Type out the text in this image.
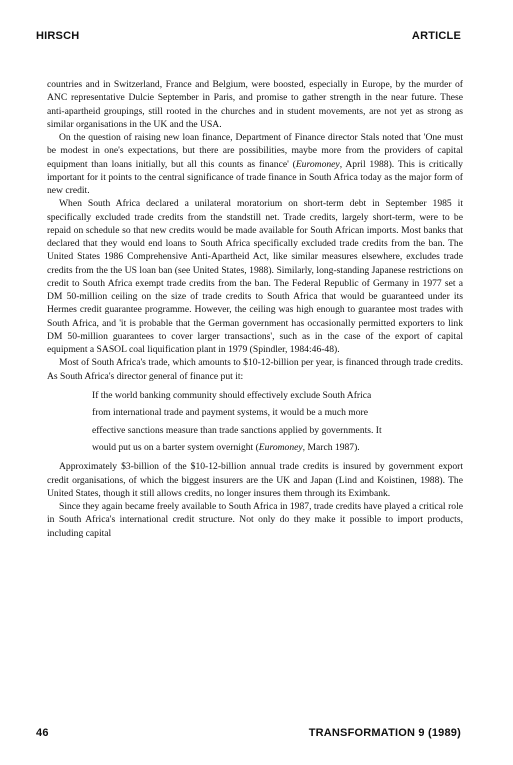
HIRSCH	ARTICLE

countries and in Switzerland, France and Belgium, were boosted, especially in Europe, by the murder of ANC representative Dulcie September in Paris, and promise to gather strength in the near future. These anti-apartheid groupings, still rooted in the churches and in student movements, are not yet as strong as similar organisations in the UK and the USA.

On the question of raising new loan finance, Department of Finance director Stals noted that 'One must be modest in one's expectations, but there are possibilities, maybe more from the providers of capital equipment than loans initially, but all this counts as finance' (Euromoney, April 1988). This is critically important for it points to the central significance of trade finance in South Africa today as the major form of new credit.

When South Africa declared a unilateral moratorium on short-term debt in September 1985 it specifically excluded trade credits from the standstill net. Trade credits, largely short-term, were to be repaid on schedule so that new credits would be made available for South African imports. Most banks that declared that they would end loans to South Africa specifically excluded trade credits from the ban. The United States 1986 Comprehensive Anti-Apartheid Act, like similar measures elsewhere, excludes trade credits from the the US loan ban (see United States, 1988). Similarly, long-standing Japanese restrictions on credit to South Africa exempt trade credits from the ban. The Federal Republic of Germany in 1977 set a DM 50-million ceiling on the size of trade credits to South Africa that would be guaranteed under its Hermes credit guarantee programme. However, the ceiling was high enough to guarantee most trades with South Africa, and 'it is probable that the German government has occasionally permitted exporters to link DM 50-million guarantees to cover larger transactions', such as in the case of the export of capital equipment a SASOL coal liquification plant in 1979 (Spindler, 1984:46-48).

Most of South Africa's trade, which amounts to $10-12-billion per year, is financed through trade credits. As South Africa's director general of finance put it:

If the world banking community should effectively exclude South Africa from international trade and payment systems, it would be a much more effective sanctions measure than trade sanctions applied by governments. It would put us on a barter system overnight (Euromoney, March 1987).

Approximately $3-billion of the $10-12-billion annual trade credits is insured by government export credit organisations, of which the biggest insurers are the UK and Japan (Lind and Koistinen, 1988). The United States, though it still allows credits, no longer insures them through its Eximbank.

Since they again became freely available to South Africa in 1987, trade credits have played a critical role in South Africa's international credit structure. Not only do they make it possible to import products, including capital

46	TRANSFORMATION 9 (1989)
